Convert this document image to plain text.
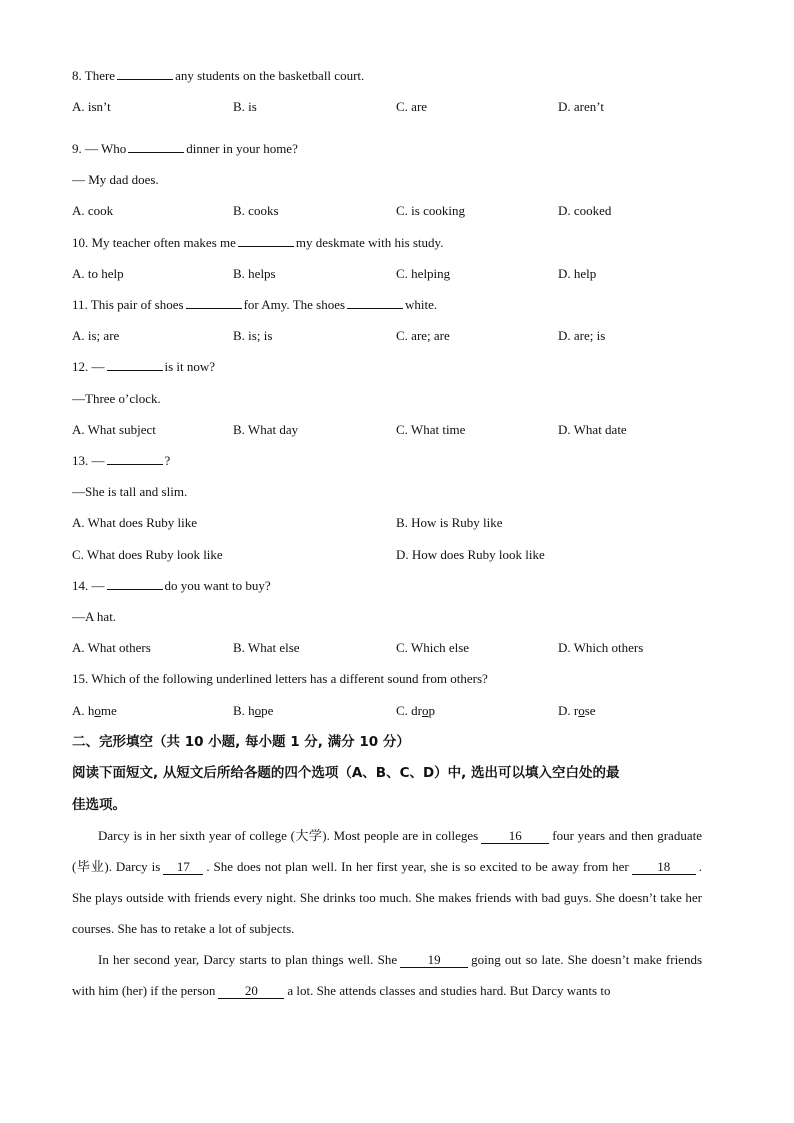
8. There	any students on the basketball court.
A. isn’t	B. is	C. are	D. aren’t
9. — Who	dinner in your home?
— My dad does.
A. cook	B. cooks	C. is cooking	D. cooked
10. My teacher often makes me	my deskmate with his study.
A. to help	B. helps	C. helping	D. help
11. This pair of shoes	for Amy. The shoes	white.
A. is; are	B. is; is	C. are; are	D. are; is
12. —	is it now?
—Three o’clock.
A. What subject	B. What day	C. What time	D. What date
13. —	?
—She is tall and slim.
A. What does Ruby like	B. How is Ruby like
C. What does Ruby look like	D. How does Ruby look like
14. —	do you want to buy?
—A hat.
A. What others	B. What else	C. Which else	D. Which others
15. Which of the following underlined letters has a different sound from others?
A. home	B. hope	C. drop	D. rose
二、完形填空（共 10 小题, 每小题 1 分, 满分 10 分）
阅读下面短文, 从短文后所给各题的四个选项（A、B、C、D）中, 选出可以填入空白处的最
佳选项。
Darcy is in her sixth year of college (大学). Most people are in colleges 16 four years and then graduate (毕业). Darcy is 17 . She does not plan well. In her first year, she is so excited to be away from her 18 . She plays outside with friends every night. She drinks too much. She makes friends with bad guys. She doesn’t take her courses. She has to retake a lot of subjects.
In her second year, Darcy starts to plan things well. She 19 going out so late. She doesn’t make friends with him (her) if the person 20 a lot. She attends classes and studies hard. But Darcy wants to
